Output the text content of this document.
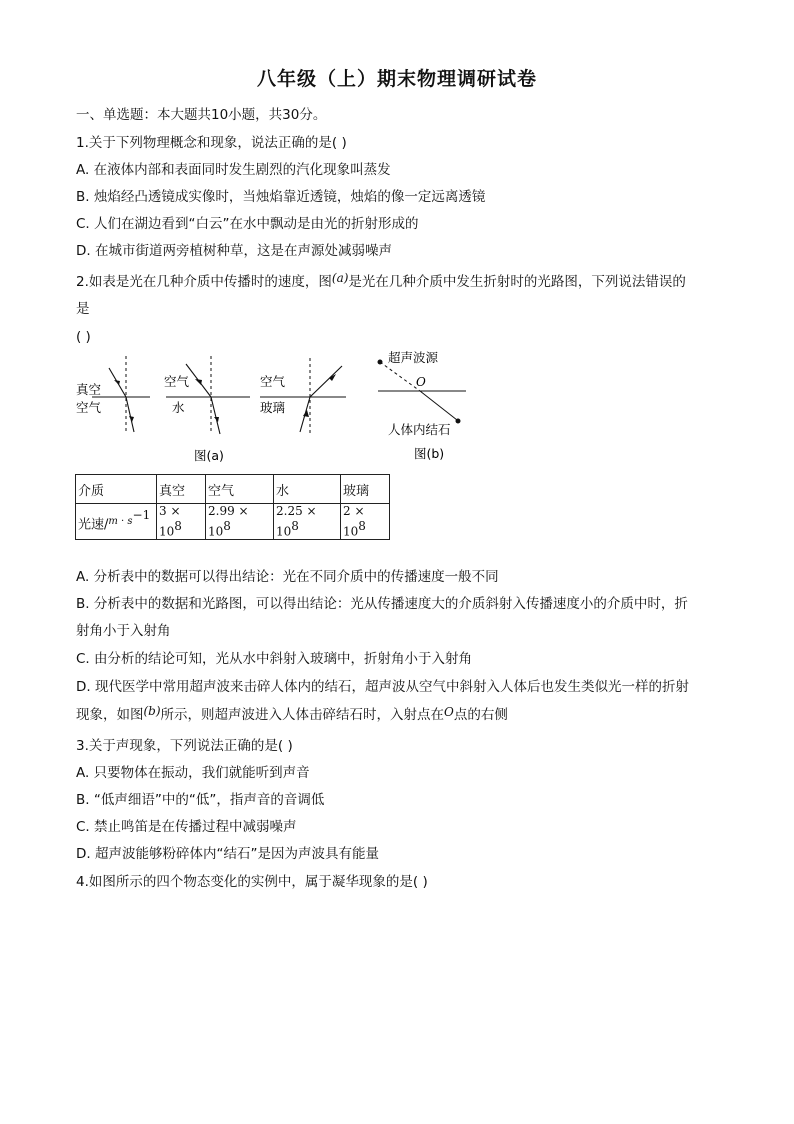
八年级（上）期末物理调研试卷
一、单选题：本大题共10小题，共30分。
1.关于下列物理概念和现象，说法正确的是( )
A. 在液体内部和表面同时发生剧烈的汽化现象叫蒸发
B. 烛焰经凸透镜成实像时，当烛焰靠近透镜，烛焰的像一定远离透镜
C. 人们在湖边看到“白云”在水中飘动是由光的折射形成的
D. 在城市街道两旁植树种草，这是在声源处减弱噪声
2.如表是光在几种介质中传播时的速度，图(a)是光在几种介质中发生折射时的光路图，下列说法错误的
是
( )
真空
空气
空气
水
空气
玻璃
图(a)
超声波源
O
人体内结石
图(b)
介质	真空	空气	水	玻璃
光速/$^{m \cdot s-1}$	$3 \times 10^8$	$2.99 \times 10^8$	$2.25 \times 10^8$	$2 \times 10^8$
A. 分析表中的数据可以得出结论：光在不同介质中的传播速度一般不同
B. 分析表中的数据和光路图，可以得出结论：光从传播速度大的介质斜射入传播速度小的介质中时，折
射角小于入射角
C. 由分析的结论可知，光从水中斜射入玻璃中，折射角小于入射角
D. 现代医学中常用超声波来击碎人体内的结石，超声波从空气中斜射入人体后也发生类似光一样的折射
现象，如图(b)所示，则超声波进入人体击碎结石时，入射点在O点的右侧
3.关于声现象，下列说法正确的是( )
A. 只要物体在振动，我们就能听到声音
B. “低声细语”中的“低”，指声音的音调低
C. 禁止鸣笛是在传播过程中减弱噪声
D. 超声波能够粉碎体内“结石”是因为声波具有能量
4.如图所示的四个物态变化的实例中，属于凝华现象的是( )
